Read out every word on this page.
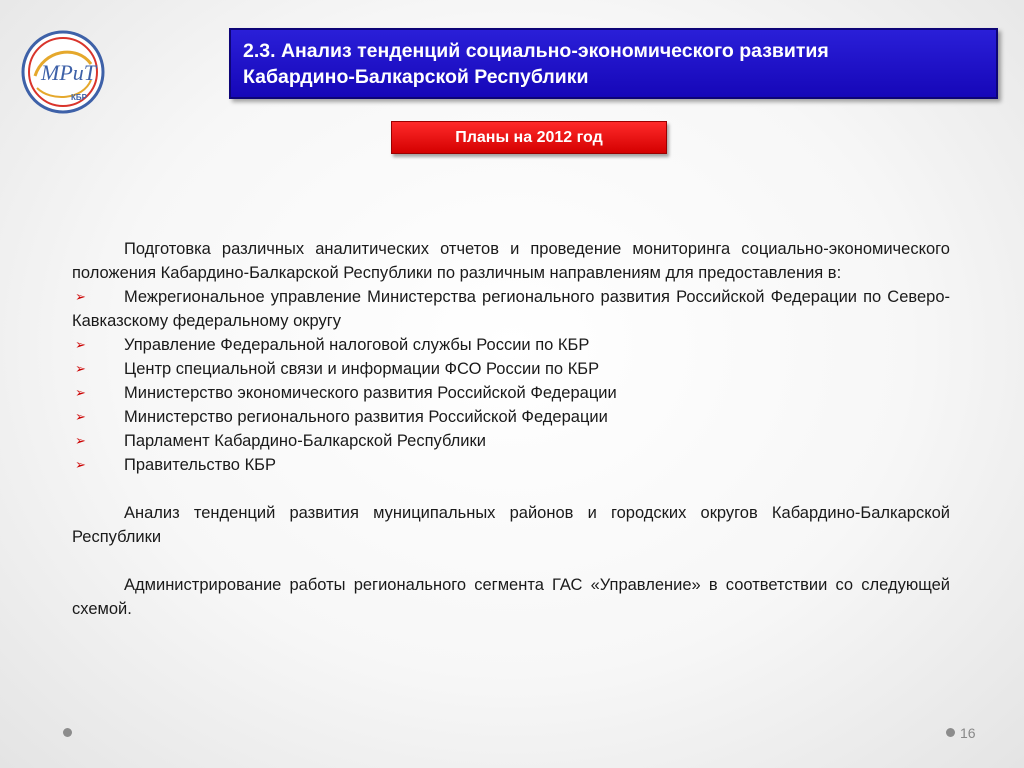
МРиТ
КБР
2.3. Анализ тенденций социально-экономического развития
Кабардино-Балкарской Республики
Планы на 2012 год

Подготовка различных аналитических отчетов и проведение мониторинга социально-экономического положения Кабардино-Балкарской Республики по различным направлениям для предоставления в:

➢	Межрегиональное управление Министерства регионального развития Российской Федерации по Северо-Кавказскому федеральному округу
➢ Управление Федеральной налоговой службы России по КБР
➢ Центр специальной связи и информации ФСО России по КБР
➢ Министерство экономического развития Российской Федерации
➢ Министерство регионального развития Российской Федерации
➢ Парламент Кабардино-Балкарской Республики
➢ Правительство КБР

Анализ тенденций развития муниципальных районов и городских округов Кабардино-Балкарской Республики

Администрирование работы регионального сегмента ГАС «Управление» в соответствии со следующей схемой.

16
